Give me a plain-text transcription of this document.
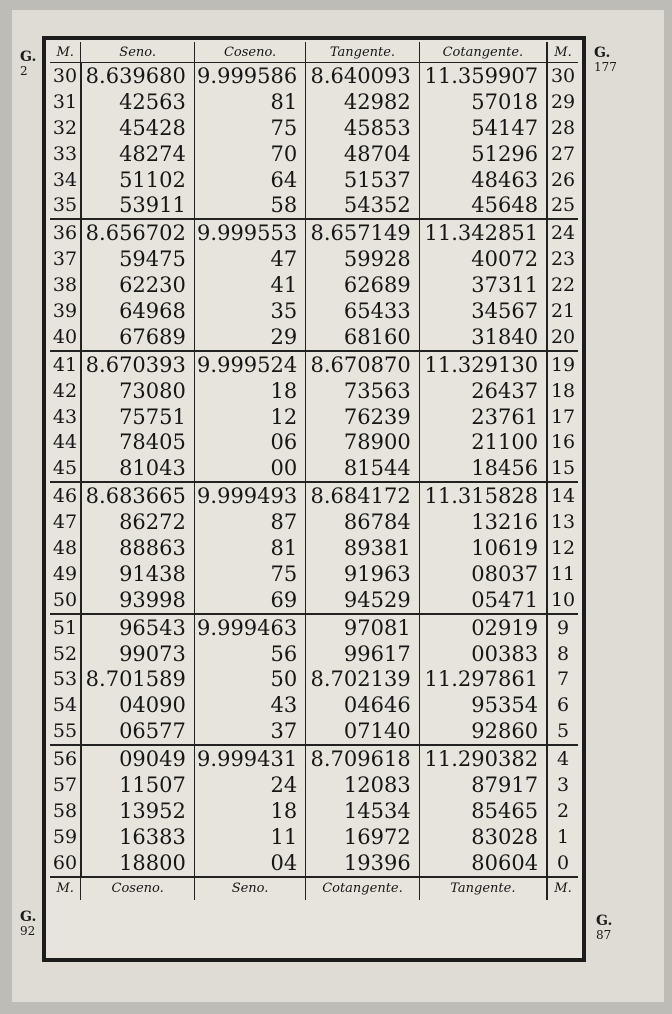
G.
2
G.
177
G.
92
G.
87
M.	Seno.	Coseno.	Tangente.	Cotangente.	M.
30	8.639680	9.999586	8.640093	11.359907	30
31	42563	81	42982	57018	29
32	45428	75	45853	54147	28
33	48274	70	48704	51296	27
34	51102	64	51537	48463	26
35	53911	58	54352	45648	25
36	8.656702	9.999553	8.657149	11.342851	24
37	59475	47	59928	40072	23
38	62230	41	62689	37311	22
39	64968	35	65433	34567	21
40	67689	29	68160	31840	20
41	8.670393	9.999524	8.670870	11.329130	19
42	73080	18	73563	26437	18
43	75751	12	76239	23761	17
44	78405	06	78900	21100	16
45	81043	00	81544	18456	15
46	8.683665	9.999493	8.684172	11.315828	14
47	86272	87	86784	13216	13
48	88863	81	89381	10619	12
49	91438	75	91963	08037	11
50	93998	69	94529	05471	10
51	96543	9.999463	97081	02919	9
52	99073	56	99617	00383	8
53	8.701589	50	8.702139	11.297861	7
54	04090	43	04646	95354	6
55	06577	37	07140	92860	5
56	09049	9.999431	8.709618	11.290382	4
57	11507	24	12083	87917	3
58	13952	18	14534	85465	2
59	16383	11	16972	83028	1
60	18800	04	19396	80604	0
M.	Coseno.	Seno.	Cotangente.	Tangente.	M.
